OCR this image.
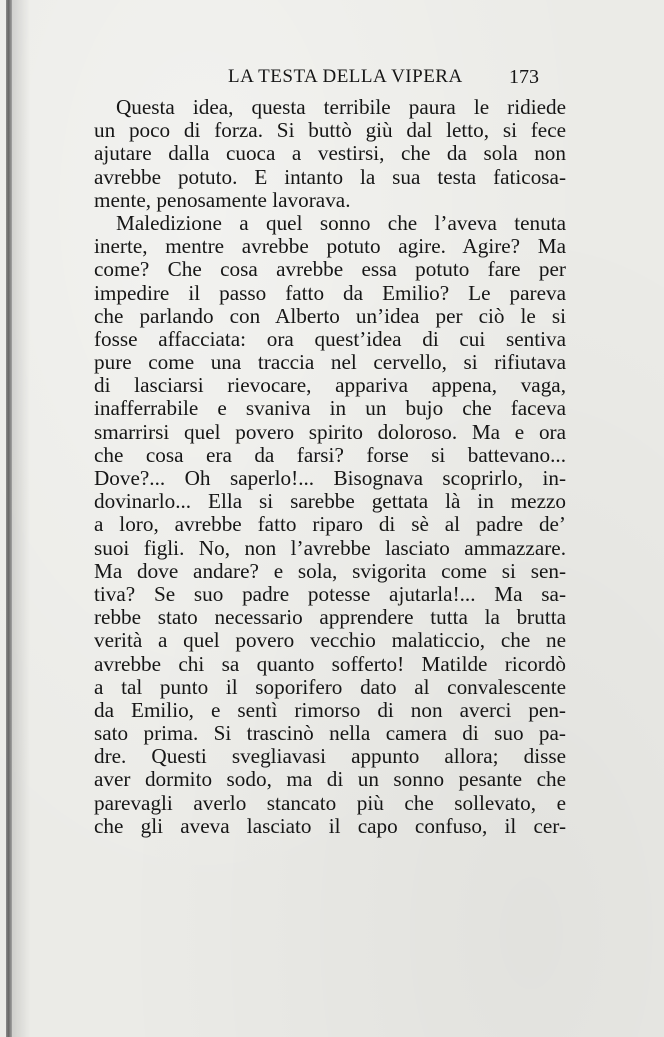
LA TESTA DELLA VIPERA 173
Questa idea, questa terribile paura le ridiede
un poco di forza. Si buttò giù dal letto, si fece
ajutare dalla cuoca a vestirsi, che da sola non
avrebbe potuto. E intanto la sua testa faticosa-
mente, penosamente lavorava.
Maledizione a quel sonno che l’aveva tenuta
inerte, mentre avrebbe potuto agire. Agire? Ma
come? Che cosa avrebbe essa potuto fare per
impedire il passo fatto da Emilio? Le pareva
che parlando con Alberto un’idea per ciò le si
fosse affacciata: ora quest’idea di cui sentiva
pure come una traccia nel cervello, si rifiutava
di lasciarsi rievocare, appariva appena, vaga,
inafferrabile e svaniva in un bujo che faceva
smarrirsi quel povero spirito doloroso. Ma e ora
che cosa era da farsi? forse si battevano...
Dove?... Oh saperlo!... Bisognava scoprirlo, in-
dovinarlo... Ella si sarebbe gettata là in mezzo
a loro, avrebbe fatto riparo di sè al padre de’
suoi figli. No, non l’avrebbe lasciato ammazzare.
Ma dove andare? e sola, svigorita come si sen-
tiva? Se suo padre potesse ajutarla!... Ma sa-
rebbe stato necessario apprendere tutta la brutta
verità a quel povero vecchio malaticcio, che ne
avrebbe chi sa quanto sofferto! Matilde ricordò
a tal punto il soporifero dato al convalescente
da Emilio, e sentì rimorso di non averci pen-
sato prima. Si trascinò nella camera di suo pa-
dre. Questi svegliavasi appunto allora; disse
aver dormito sodo, ma di un sonno pesante che
parevagli averlo stancato più che sollevato, e
che gli aveva lasciato il capo confuso, il cer-
